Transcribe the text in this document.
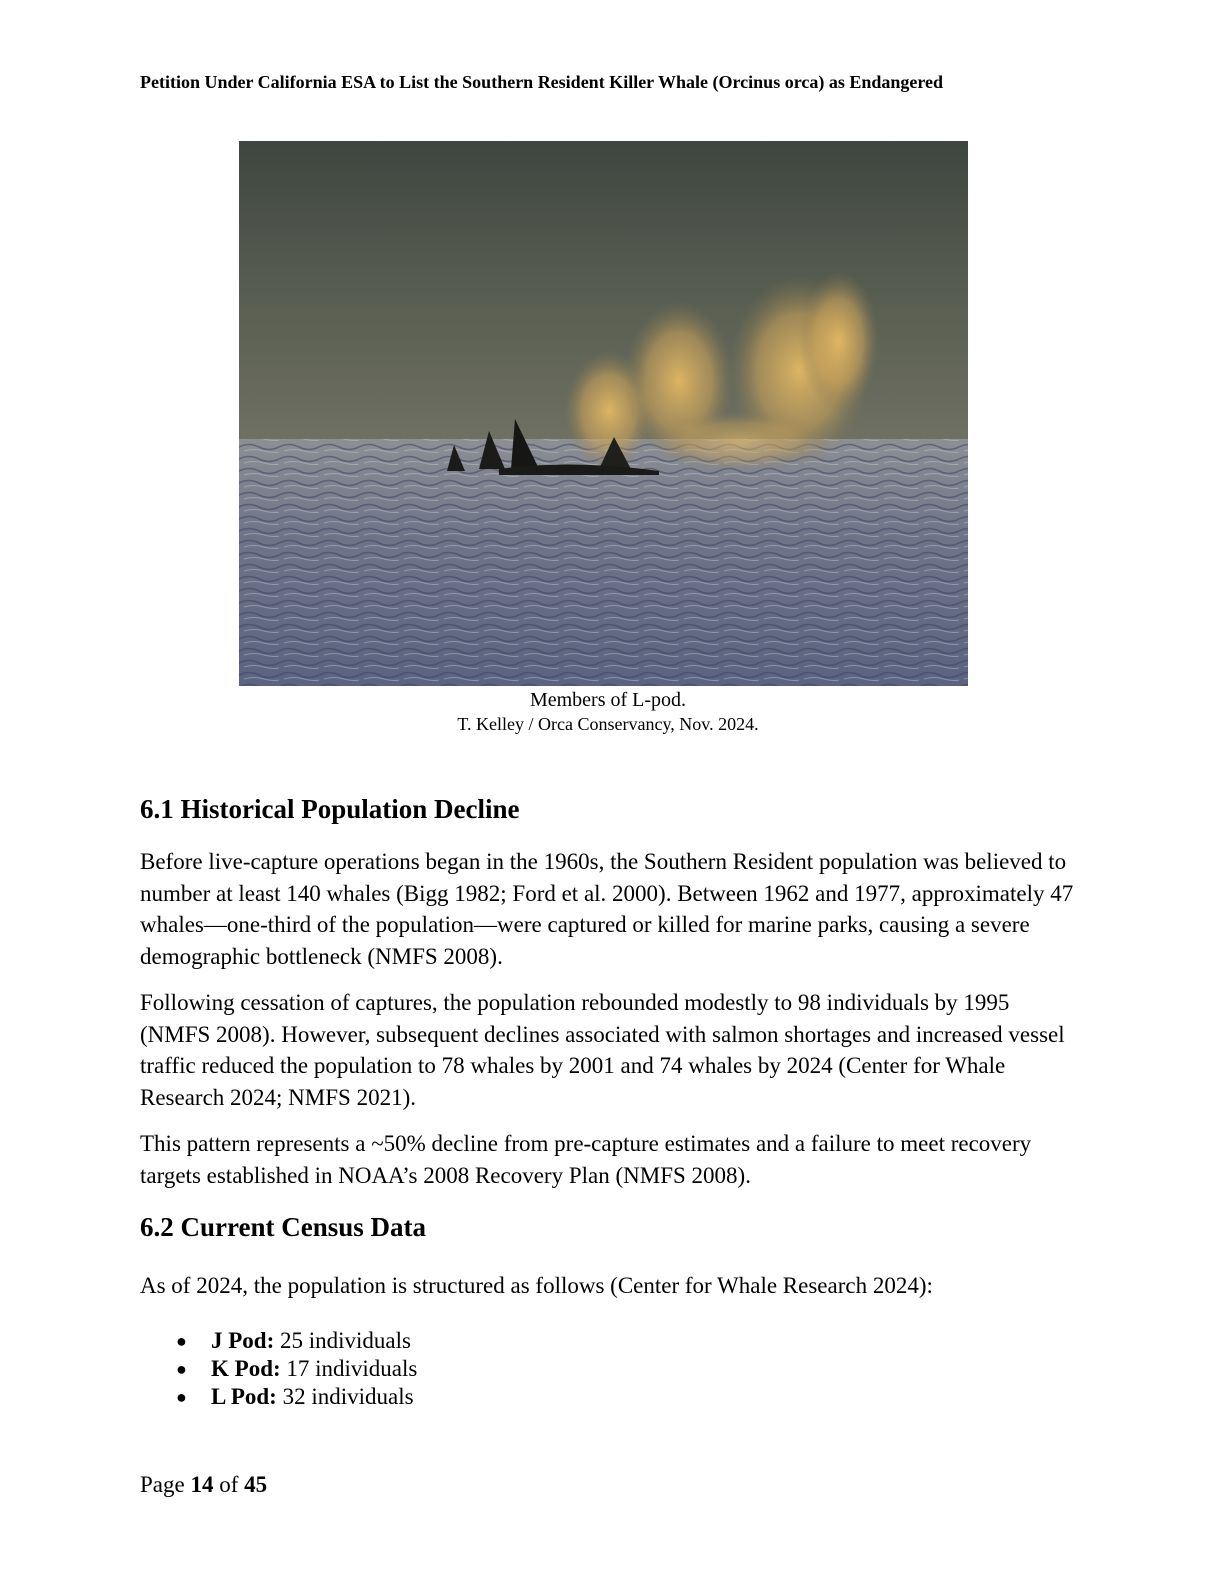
Petition Under California ESA to List the Southern Resident Killer Whale (Orcinus orca) as Endangered
Members of L-pod.
T. Kelley / Orca Conservancy, Nov. 2024.
6.1 Historical Population Decline

Before live-capture operations began in the 1960s, the Southern Resident population was believed to number at least 140 whales (Bigg 1982; Ford et al. 2000). Between 1962 and 1977, approximately 47 whales—one-third of the population—were captured or killed for marine parks, causing a severe demographic bottleneck (NMFS 2008).

Following cessation of captures, the population rebounded modestly to 98 individuals by 1995 (NMFS 2008). However, subsequent declines associated with salmon shortages and increased vessel traffic reduced the population to 78 whales by 2001 and 74 whales by 2024 (Center for Whale Research 2024; NMFS 2021).

This pattern represents a ~50% decline from pre-capture estimates and a failure to meet recovery targets established in NOAA’s 2008 Recovery Plan (NMFS 2008).

6.2 Current Census Data

As of 2024, the population is structured as follows (Center for Whale Research 2024):

● J Pod: 25 individuals
● K Pod: 17 individuals
● L Pod: 32 individuals
Page 14 of 45
